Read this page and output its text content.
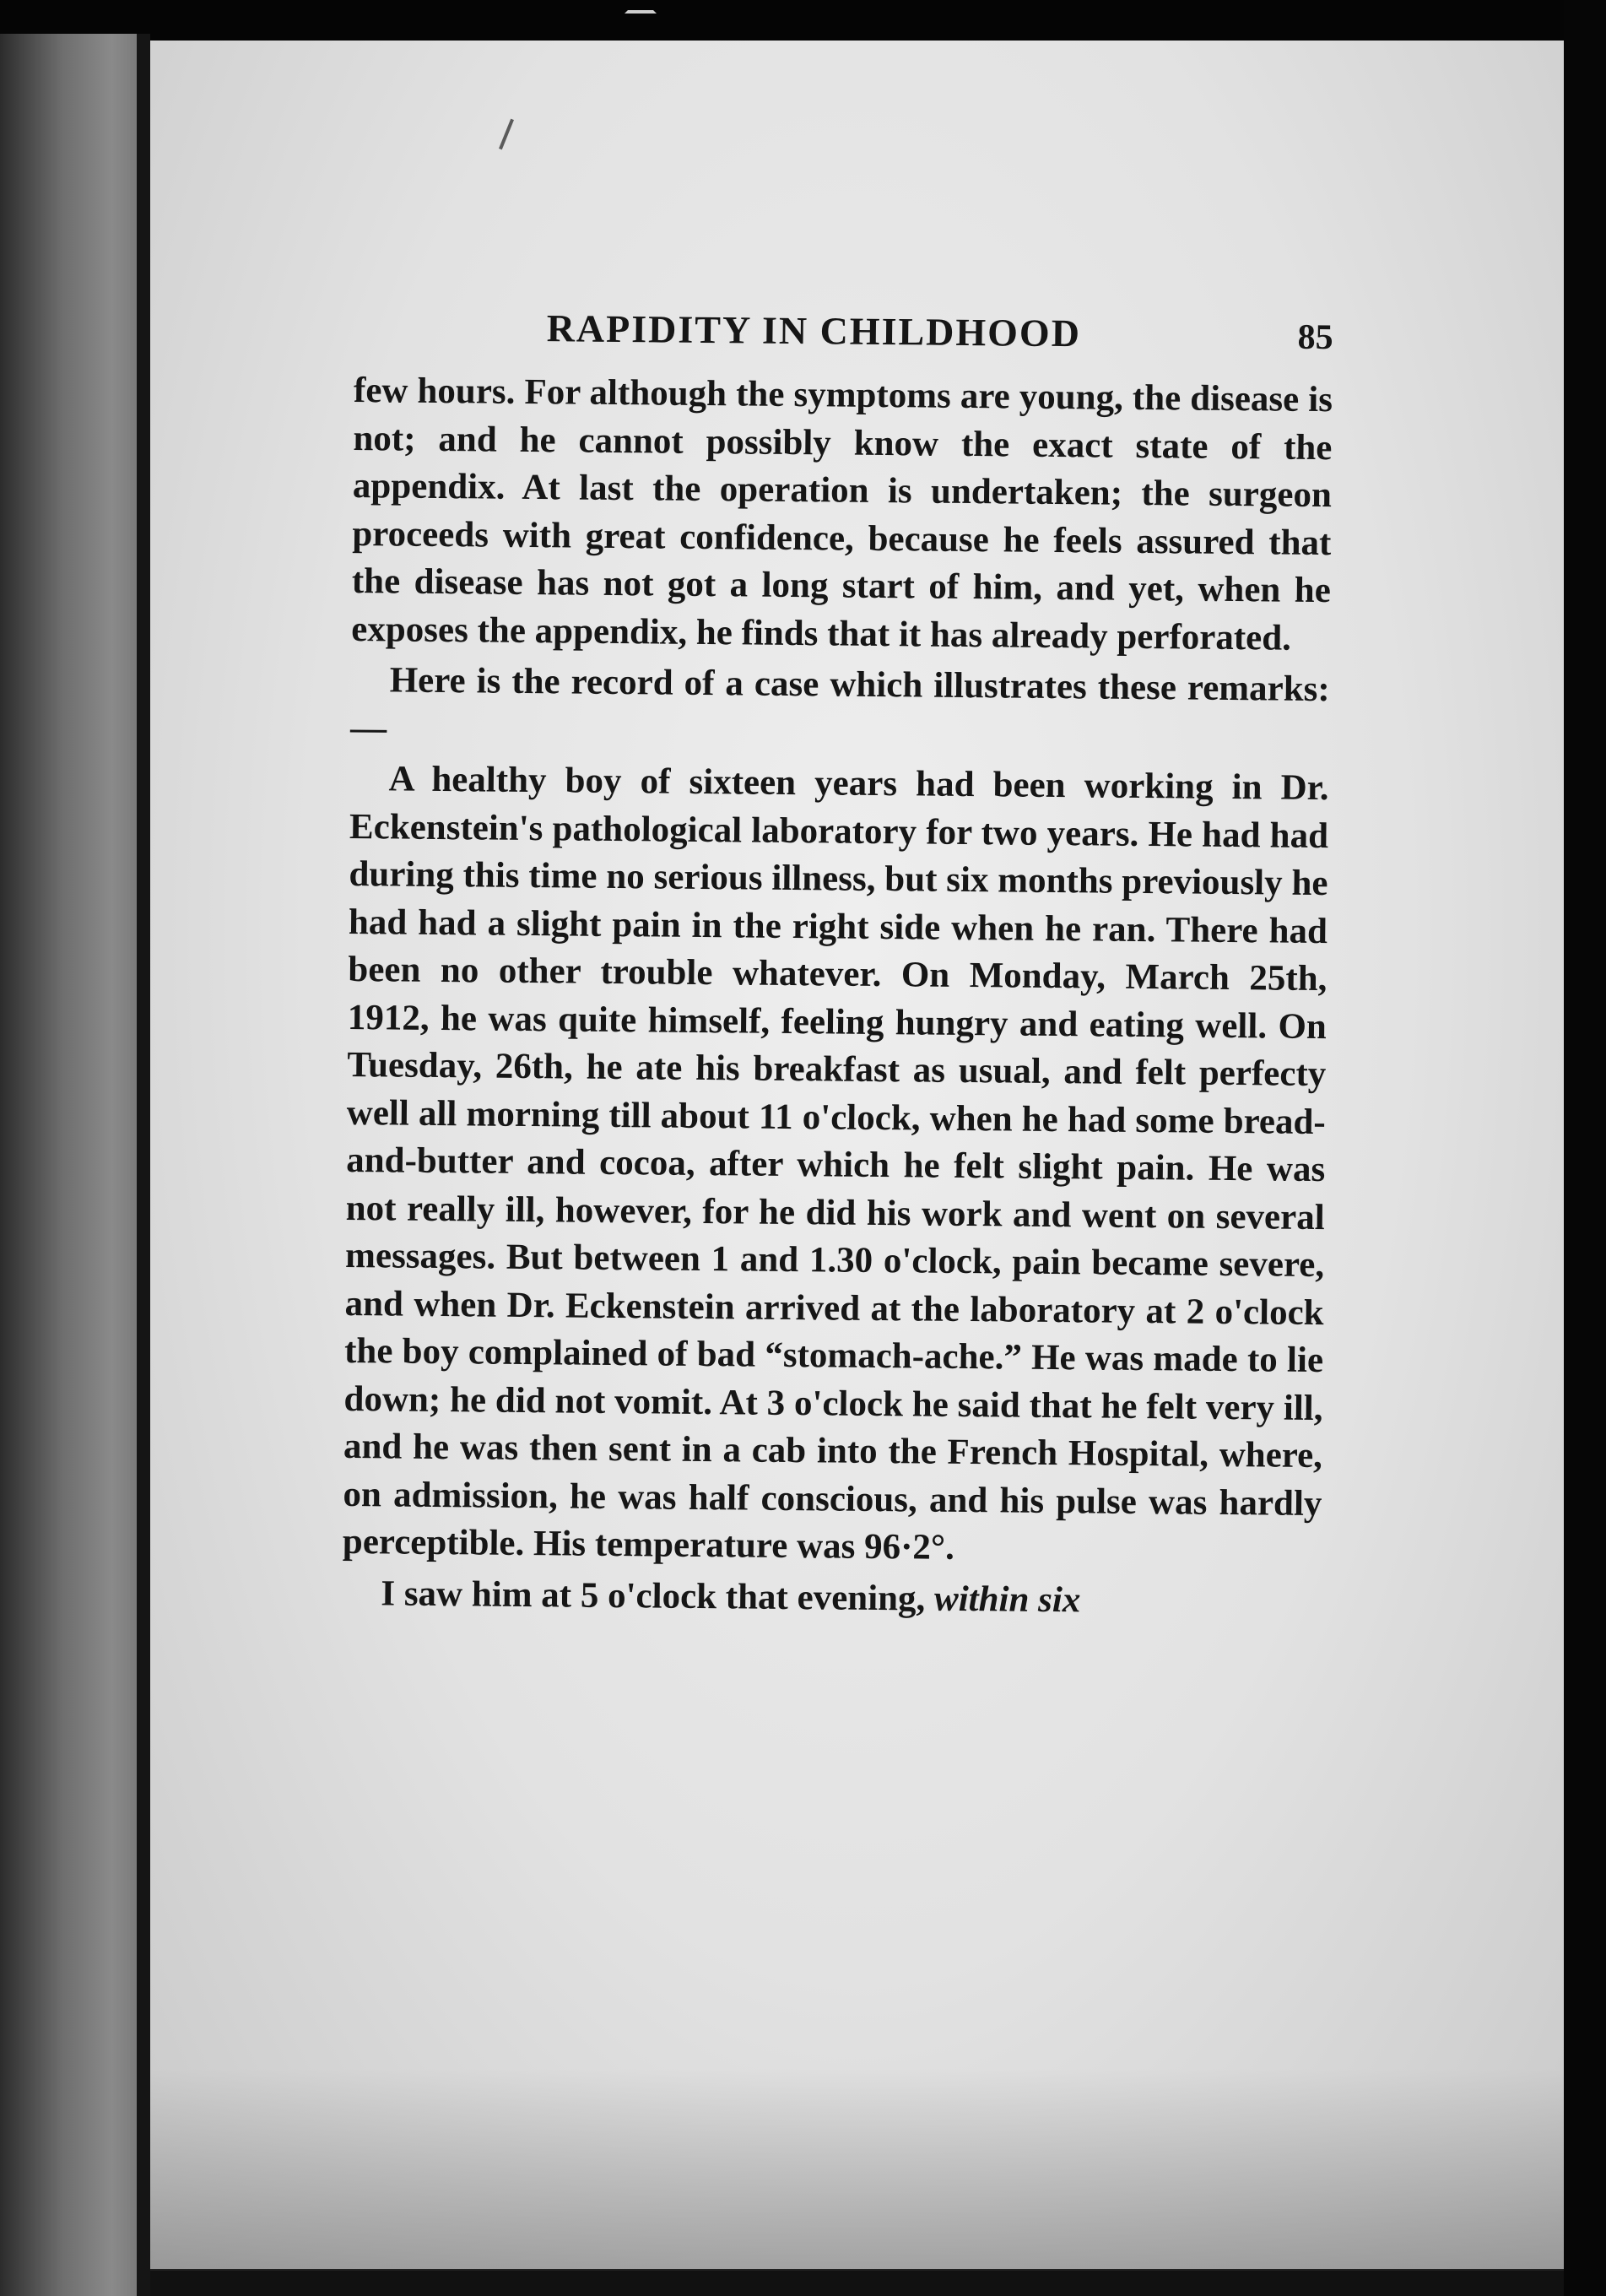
RAPIDITY IN CHILDHOOD	85

few hours. For although the symptoms are young, the disease is not; and he cannot possibly know the exact state of the appendix. At last the operation is undertaken; the surgeon proceeds with great confidence, because he feels assured that the disease has not got a long start of him, and yet, when he exposes the appendix, he finds that it has already perforated.

Here is the record of a case which illustrates these remarks:—

A healthy boy of sixteen years had been working in Dr. Eckenstein's pathological laboratory for two years. He had had during this time no serious illness, but six months previously he had had a slight pain in the right side when he ran. There had been no other trouble whatever. On Monday, March 25th, 1912, he was quite himself, feeling hungry and eating well. On Tuesday, 26th, he ate his breakfast as usual, and felt perfecty well all morning till about 11 o'clock, when he had some bread-and-butter and cocoa, after which he felt slight pain. He was not really ill, however, for he did his work and went on several messages. But between 1 and 1.30 o'clock, pain became severe, and when Dr. Eckenstein arrived at the laboratory at 2 o'clock the boy complained of bad “stomach-ache.” He was made to lie down; he did not vomit. At 3 o'clock he said that he felt very ill, and he was then sent in a cab into the French Hospital, where, on admission, he was half conscious, and his pulse was hardly perceptible. His temperature was 96·2°.

I saw him at 5 o'clock that evening, within six
